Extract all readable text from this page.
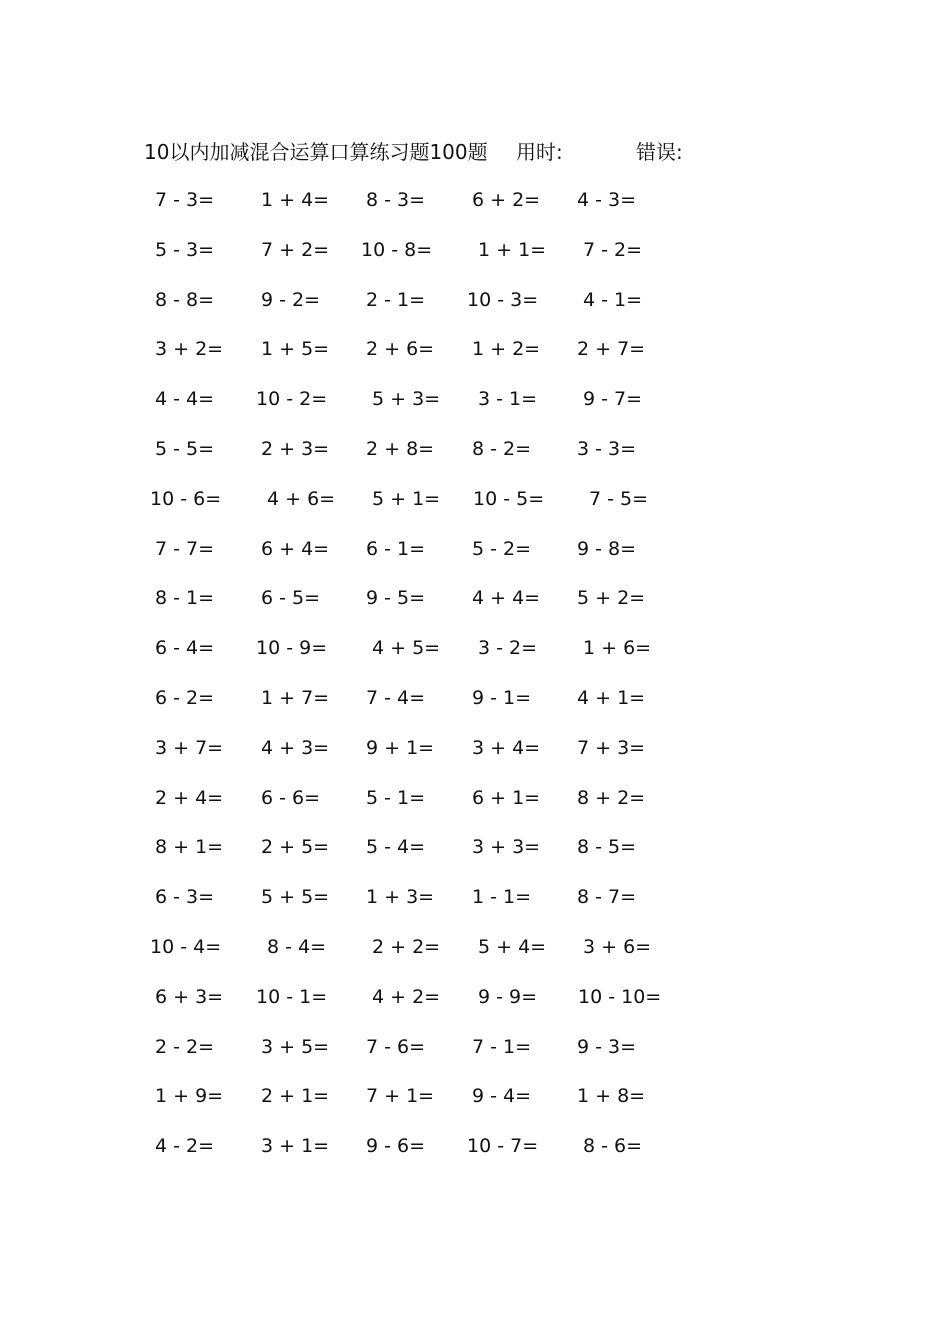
10以内加减混合运算口算练习题100题 用时:	错误:
7 - 3= 1 + 4= 8 - 3= 6 + 2= 4 - 3=
5 - 3= 7 + 2= 10 - 8= 1 + 1= 7 - 2=
8 - 8= 9 - 2= 2 - 1= 10 - 3= 4 - 1=
3 + 2= 1 + 5= 2 + 6= 1 + 2= 2 + 7=
4 - 4= 10 - 2= 5 + 3= 3 - 1= 9 - 7=
5 - 5= 2 + 3= 2 + 8= 8 - 2= 3 - 3=
10 - 6= 4 + 6= 5 + 1= 10 - 5= 7 - 5=
7 - 7= 6 + 4= 6 - 1= 5 - 2= 9 - 8=
8 - 1= 6 - 5= 9 - 5= 4 + 4= 5 + 2=
6 - 4= 10 - 9= 4 + 5= 3 - 2= 1 + 6=
6 - 2= 1 + 7= 7 - 4= 9 - 1= 4 + 1=
3 + 7= 4 + 3= 9 + 1= 3 + 4= 7 + 3=
2 + 4= 6 - 6= 5 - 1= 6 + 1= 8 + 2=
8 + 1= 2 + 5= 5 - 4= 3 + 3= 8 - 5=
6 - 3= 5 + 5= 1 + 3= 1 - 1= 8 - 7=
10 - 4= 8 - 4= 2 + 2= 5 + 4= 3 + 6=
6 + 3= 10 - 1= 4 + 2= 9 - 9= 10 - 10=
2 - 2= 3 + 5= 7 - 6= 7 - 1= 9 - 3=
1 + 9= 2 + 1= 7 + 1= 9 - 4= 1 + 8=
4 - 2= 3 + 1= 9 - 6= 10 - 7= 8 - 6=
